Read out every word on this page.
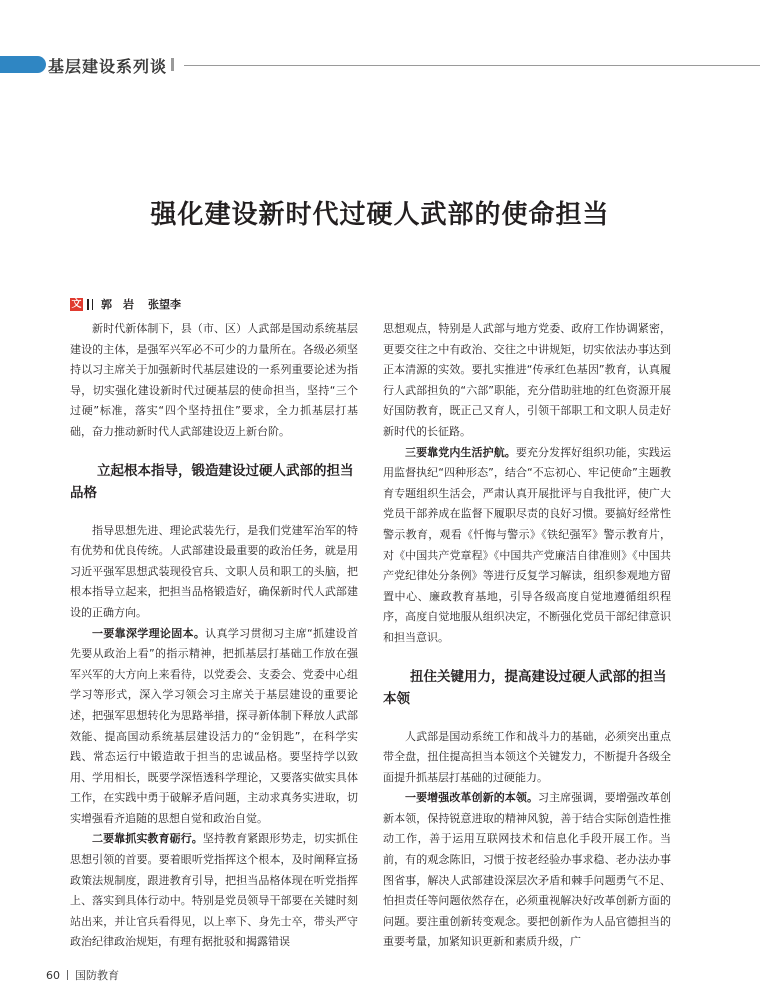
基层建设系列谈
强化建设新时代过硬人武部的使命担当
文 郭　岩 张望李

新时代新体制下，县（市、区）人武部是国动系统基层建设的主体，是强军兴军必不可少的力量所在。各级必须坚持以习主席关于加强新时代基层建设的一系列重要论述为指导，切实强化建设新时代过硬基层的使命担当，坚持“三个过硬”标准，落实“四个坚持扭住”要求，全力抓基层打基础，奋力推动新时代人武部建设迈上新台阶。

立起根本指导，锻造建设过硬人武部的担当品格

指导思想先进、理论武装先行，是我们党建军治军的特有优势和优良传统。人武部建设最重要的政治任务，就是用习近平强军思想武装现役官兵、文职人员和职工的头脑，把根本指导立起来，把担当品格锻造好，确保新时代人武部建设的正确方向。

一要靠深学理论固本。认真学习贯彻习主席“抓建设首先要从政治上看”的指示精神，把抓基层打基础工作放在强军兴军的大方向上来看待，以党委会、支委会、党委中心组学习等形式，深入学习领会习主席关于基层建设的重要论述，把强军思想转化为思路举措，探寻新体制下释放人武部效能、提高国动系统基层建设活力的“金钥匙”，在科学实践、常态运行中锻造敢于担当的忠诚品格。要坚持学以致用、学用相长，既要学深悟透科学理论，又要落实做实具体工作，在实践中勇于破解矛盾问题，主动求真务实进取，切实增强看齐追随的思想自觉和政治自觉。

二要靠抓实教育砺行。坚持教育紧跟形势走，切实抓住思想引领的首要。要着眼听党指挥这个根本，及时阐释宣扬政策法规制度，跟进教育引导，把担当品格体现在听党指挥上、落实到具体行动中。特别是党员领导干部要在关键时刻站出来，并让官兵看得见，以上率下、身先士卒，带头严守政治纪律政治规矩，有理有据批驳和揭露错误

思想观点，特别是人武部与地方党委、政府工作协调紧密，更要交往之中有政治、交往之中讲规矩，切实依法办事达到正本清源的实效。要扎实推进“传承红色基因”教育，认真履行人武部担负的“六部”职能，充分借助驻地的红色资源开展好国防教育，既正己又育人，引领干部职工和文职人员走好新时代的长征路。

三要靠党内生活护航。要充分发挥好组织功能，实践运用监督执纪“四种形态”，结合“不忘初心、牢记使命”主题教育专题组织生活会，严肃认真开展批评与自我批评，使广大党员干部养成在监督下履职尽责的良好习惯。要搞好经常性警示教育，观看《忏悔与警示》《铁纪强军》警示教育片，对《中国共产党章程》《中国共产党廉洁自律准则》《中国共产党纪律处分条例》等进行反复学习解读，组织参观地方留置中心、廉政教育基地，引导各级高度自觉地遵循组织程序，高度自觉地服从组织决定，不断强化党员干部纪律意识和担当意识。

扭住关键用力，提高建设过硬人武部的担当本领

人武部是国动系统工作和战斗力的基础，必须突出重点带全盘，扭住提高担当本领这个关键发力，不断提升各级全面提升抓基层打基础的过硬能力。

一要增强改革创新的本领。习主席强调，要增强改革创新本领，保持锐意进取的精神风貌，善于结合实际创造性推动工作，善于运用互联网技术和信息化手段开展工作。当前，有的观念陈旧，习惯于按老经验办事求稳、老办法办事图省事，解决人武部建设深层次矛盾和棘手问题勇气不足、怕担责任等问题依然存在，必须重视解决好改革创新方面的问题。要注重创新转变观念。要把创新作为人品官德担当的重要考量，加紧知识更新和素质升级，广

60 国防教育
